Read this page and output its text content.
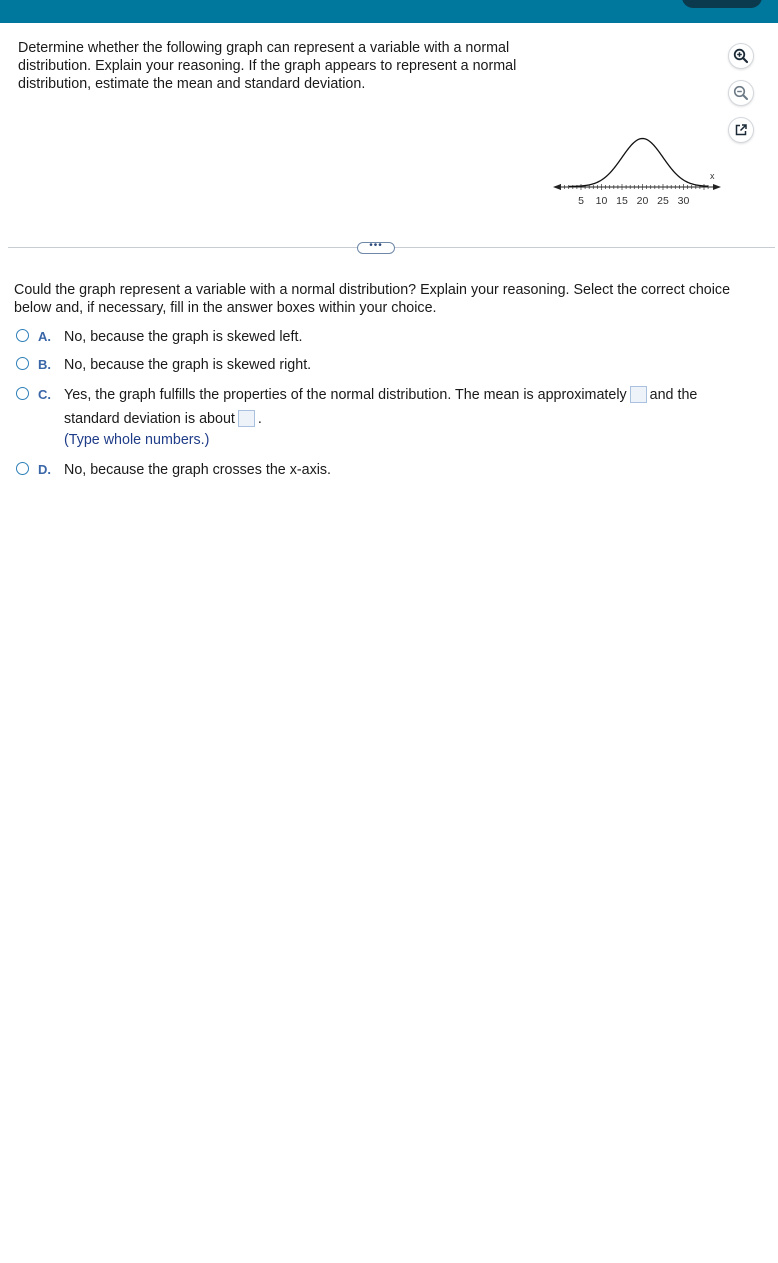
Determine whether the following graph can represent a variable with a normal distribution. Explain your reasoning. If the graph appears to represent a normal distribution, estimate the mean and standard deviation.
x
5 10 15 20 25 30
•••
Could the graph represent a variable with a normal distribution? Explain your reasoning. Select the correct choice below and, if necessary, fill in the answer boxes within your choice.
A. No, because the graph is skewed left.
B. No, because the graph is skewed right.
C. Yes, the graph fulfills the properties of the normal distribution. The mean is approximately and the
standard deviation is about .
(Type whole numbers.)
D. No, because the graph crosses the x-axis.
